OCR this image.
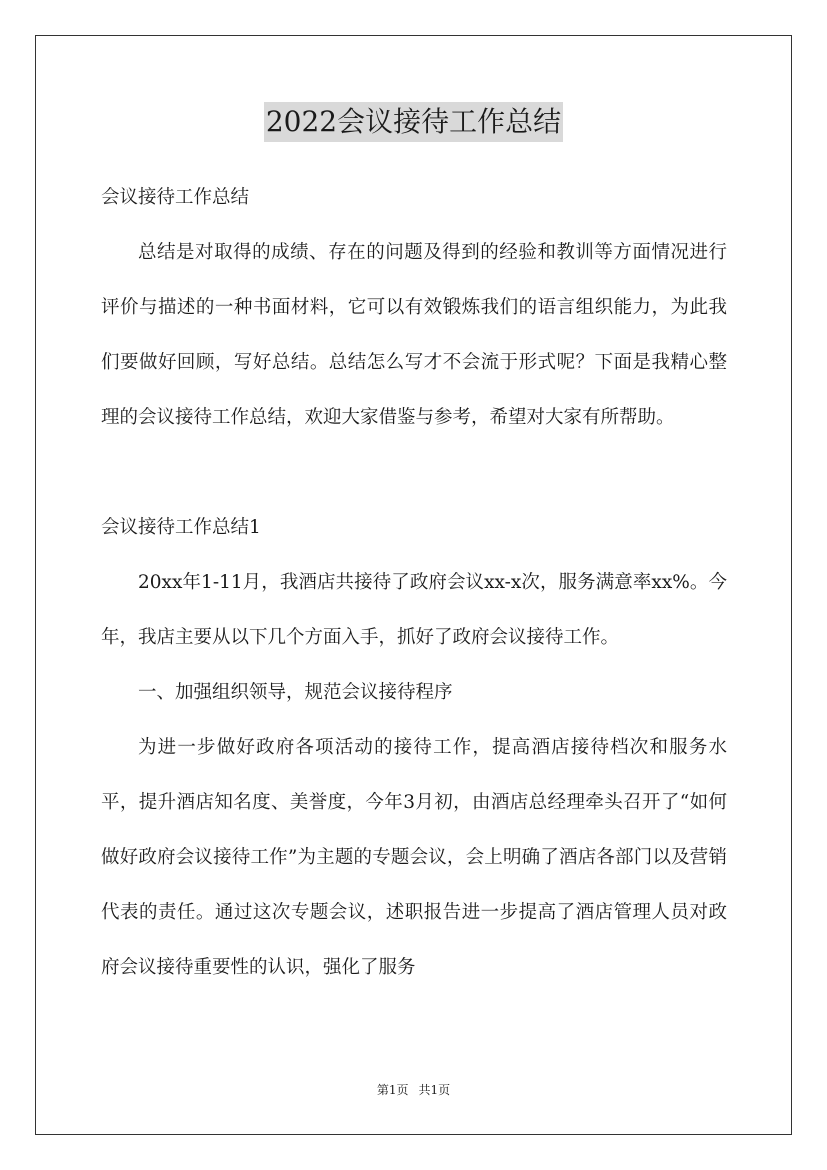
2022会议接待工作总结

会议接待工作总结

总结是对取得的成绩、存在的问题及得到的经验和教训等方面情况进行评价与描述的一种书面材料，它可以有效锻炼我们的语言组织能力，为此我们要做好回顾，写好总结。总结怎么写才不会流于形式呢？下面是我精心整理的会议接待工作总结，欢迎大家借鉴与参考，希望对大家有所帮助。

会议接待工作总结1

20xx年1-11月，我酒店共接待了政府会议xx-x次，服务满意率xx%。今年，我店主要从以下几个方面入手，抓好了政府会议接待工作。

一、加强组织领导，规范会议接待程序

为进一步做好政府各项活动的接待工作，提高酒店接待档次和服务水平，提升酒店知名度、美誉度，今年3月初，由酒店总经理牵头召开了“如何做好政府会议接待工作”为主题的专题会议，会上明确了酒店各部门以及营销代表的责任。通过这次专题会议，述职报告进一步提高了酒店管理人员对政府会议接待重要性的认识，强化了服务

第1页 共1页
